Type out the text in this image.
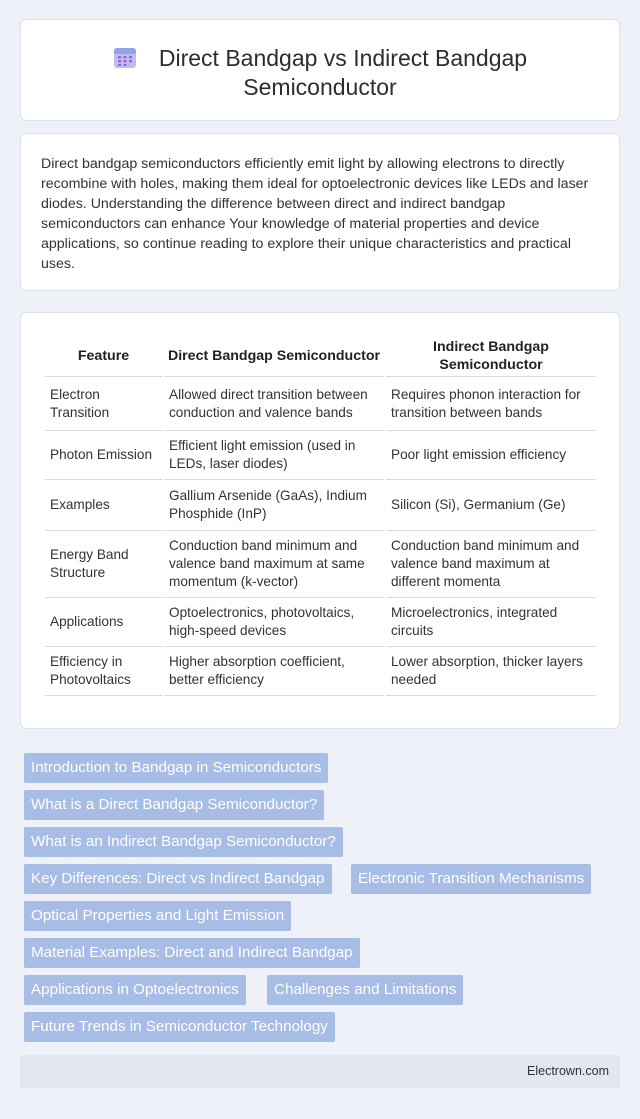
Direct Bandgap vs Indirect Bandgap
Semiconductor

Direct bandgap semiconductors efficiently emit light by allowing electrons to directly recombine with holes, making them ideal for optoelectronic devices like LEDs and laser diodes. Understanding the difference between direct and indirect bandgap semiconductors can enhance Your knowledge of material properties and device applications, so continue reading to explore their unique characteristics and practical uses.

Feature	Direct Bandgap Semiconductor	Indirect Bandgap Semiconductor
Electron Transition	Allowed direct transition between conduction and valence bands	Requires phonon interaction for transition between bands
Photon Emission	Efficient light emission (used in LEDs, laser diodes)	Poor light emission efficiency
Examples	Gallium Arsenide (GaAs), Indium Phosphide (InP)	Silicon (Si), Germanium (Ge)
Energy Band Structure	Conduction band minimum and valence band maximum at same momentum (k-vector)	Conduction band minimum and valence band maximum at different momenta
Applications	Optoelectronics, photovoltaics, high-speed devices	Microelectronics, integrated circuits
Efficiency in Photovoltaics	Higher absorption coefficient, better efficiency	Lower absorption, thicker layers needed
Introduction to Bandgap in Semiconductors
What is a Direct Bandgap Semiconductor?
What is an Indirect Bandgap Semiconductor?
Key Differences: Direct vs Indirect Bandgap	Electronic Transition Mechanisms
Optical Properties and Light Emission
Material Examples: Direct and Indirect Bandgap
Applications in Optoelectronics	Challenges and Limitations
Future Trends in Semiconductor Technology
Electrown.com
